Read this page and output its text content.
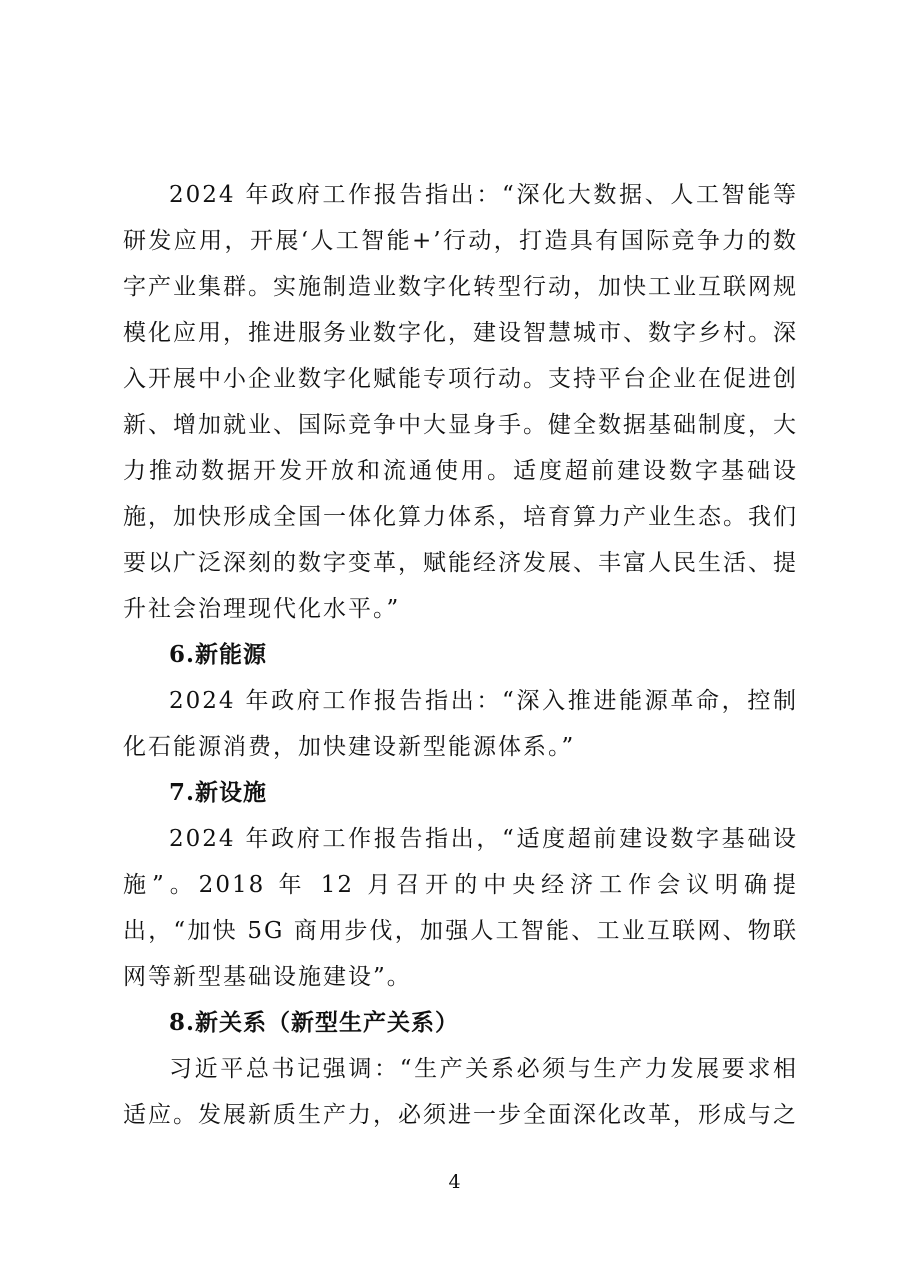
2024 年政府工作报告指出：“深化大数据、人工智能等研发应用，开展‘人工智能+’行动，打造具有国际竞争力的数字产业集群。实施制造业数字化转型行动，加快工业互联网规模化应用，推进服务业数字化，建设智慧城市、数字乡村。深入开展中小企业数字化赋能专项行动。支持平台企业在促进创新、增加就业、国际竞争中大显身手。健全数据基础制度，大力推动数据开发开放和流通使用。适度超前建设数字基础设施，加快形成全国一体化算力体系，培育算力产业生态。我们要以广泛深刻的数字变革，赋能经济发展、丰富人民生活、提升社会治理现代化水平。”

6.新能源

2024 年政府工作报告指出：“深入推进能源革命，控制化石能源消费，加快建设新型能源体系。”

7.新设施

2024 年政府工作报告指出，“适度超前建设数字基础设施”。2018 年 12 月召开的中央经济工作会议明确提出，“加快 5G 商用步伐，加强人工智能、工业互联网、物联网等新型基础设施建设”。

8.新关系（新型生产关系）

习近平总书记强调：“生产关系必须与生产力发展要求相适应。发展新质生产力，必须进一步全面深化改革，形成与之

4
